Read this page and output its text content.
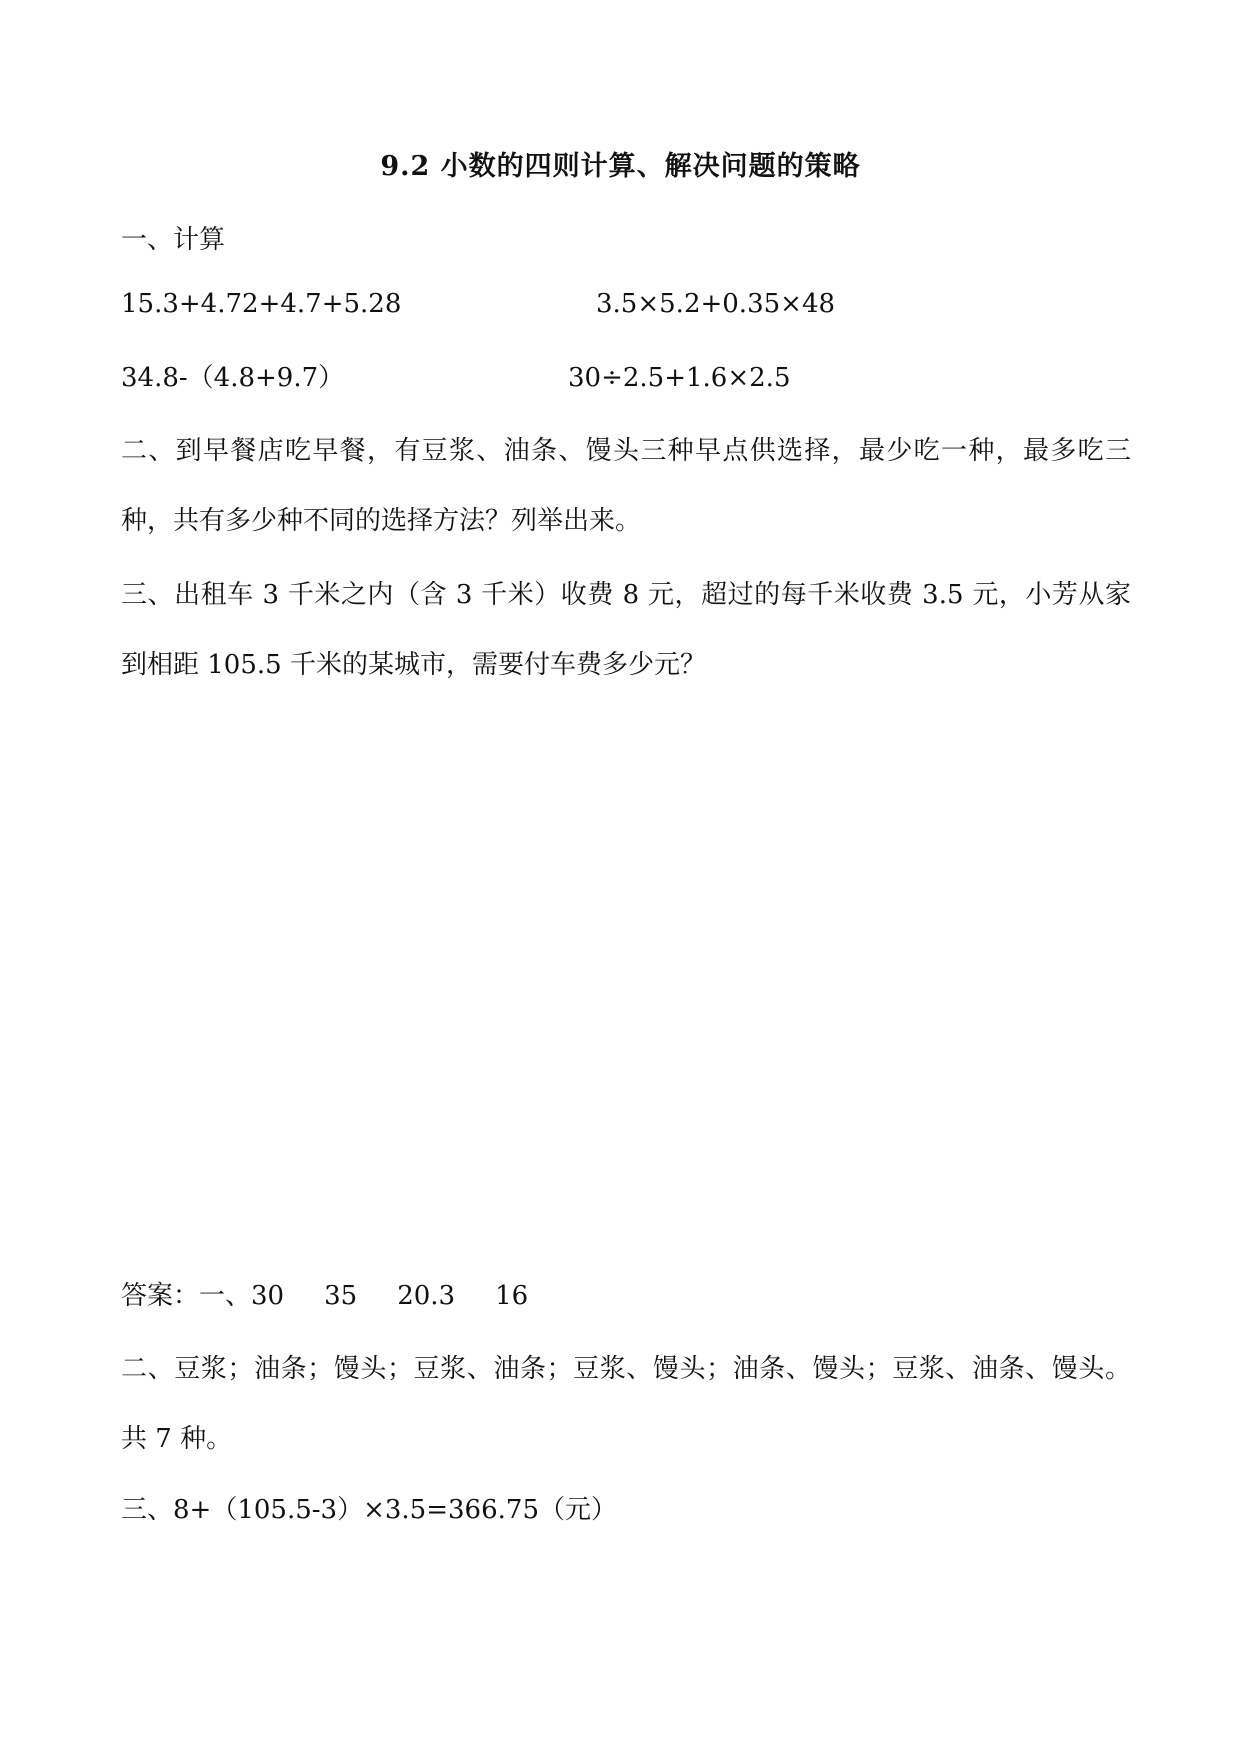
9.2 小数的四则计算、解决问题的策略
一、计算
15.3+4.72+4.7+5.28	3.5×5.2+0.35×48
34.8-（4.8+9.7）	30÷2.5+1.6×2.5
二、到早餐店吃早餐，有豆浆、油条、馒头三种早点供选择，最少吃一种，最多吃三种，共有多少种不同的选择方法？列举出来。
三、出租车 3 千米之内（含 3 千米）收费 8 元，超过的每千米收费 3.5 元，小芳从家到相距 105.5 千米的某城市，需要付车费多少元？
答案：一、30 35 20.3 16
二、豆浆；油条；馒头；豆浆、油条；豆浆、馒头；油条、馒头；豆浆、油条、馒头。共 7 种。
三、8+（105.5-3）×3.5=366.75（元）
